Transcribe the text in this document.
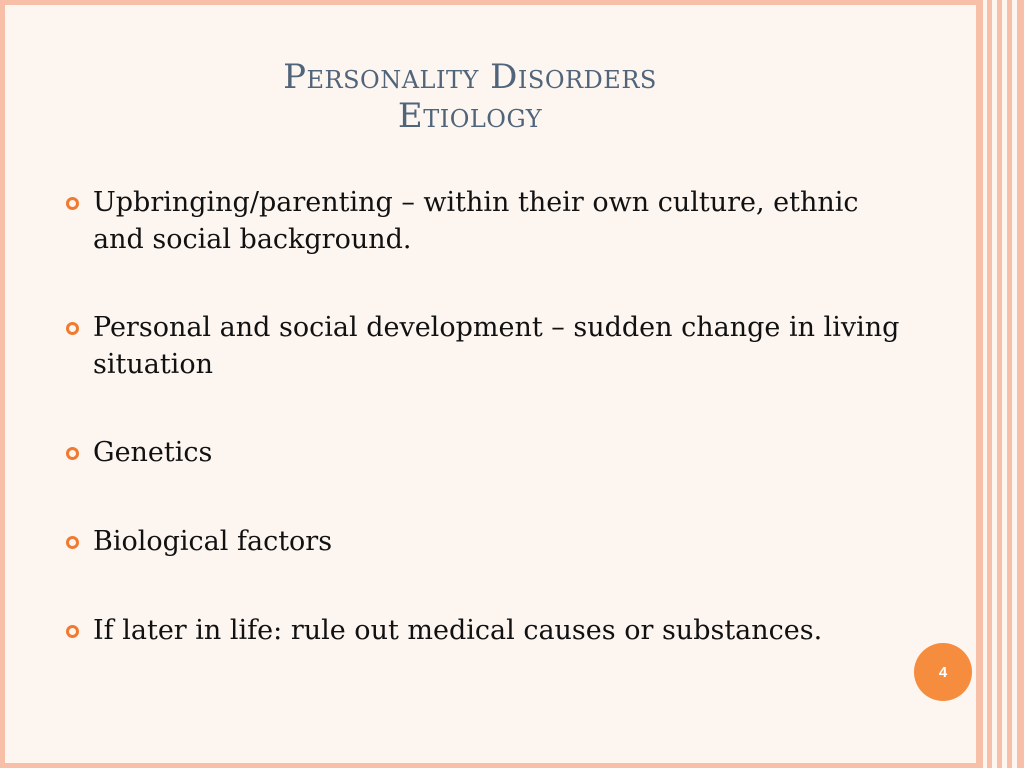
Personality Disorders
Etiology
Upbringing/parenting – within their own culture, ethnic and social background.
Personal and social development – sudden change in living situation
Genetics
Biological factors
If later in life: rule out medical causes or substances.
4
